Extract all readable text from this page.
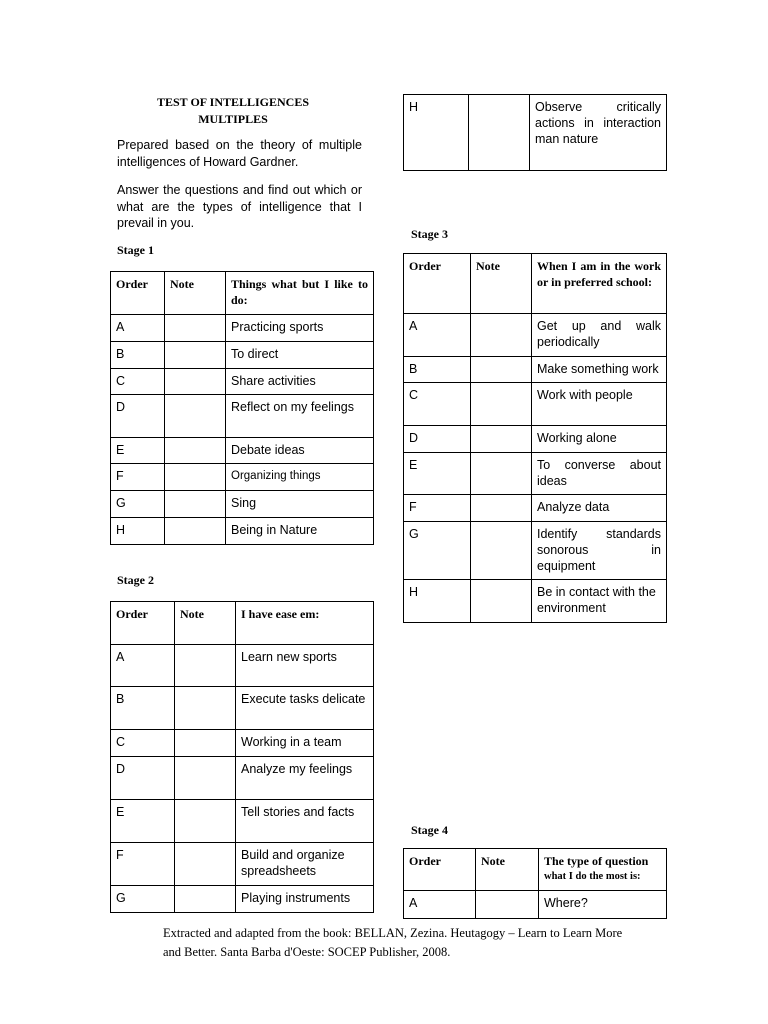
TEST OF INTELLIGENCES
MULTIPLES
Prepared based on the theory of multiple intelligences of Howard Gardner.
Answer the questions and find out which or what are the types of intelligence that I prevail in you.
Stage 1
Order	Note	Things what but I like to do:
A		Practicing sports
B		To direct
C		Share activities
D		Reflect on my feelings
E		Debate ideas
F		Organizing things
G		Sing
H		Being in Nature
Stage 2
Order	Note	I have ease em:
A		Learn new sports
B		Execute tasks delicate
C		Working in a team
D		Analyze my feelings
E		Tell stories and facts
F		Build and organize spreadsheets
G		Playing instruments
H		Observe critically actions in interaction man nature
Stage 3
Order	Note	When I am in the work or in preferred school:
A		Get up and walk periodically
B		Make something work
C		Work with people
D		Working alone
E		To converse about ideas
F		Analyze data
G		Identify standards sonorous in equipment
H		Be in contact with the environment
Stage 4
Order	Note	The type of question
what I do the most is:

A		Where?
Extracted and adapted from the book: BELLAN, Zezina. Heutagogy – Learn to Learn More
and Better. Santa Barba d'Oeste: SOCEP Publisher, 2008.
